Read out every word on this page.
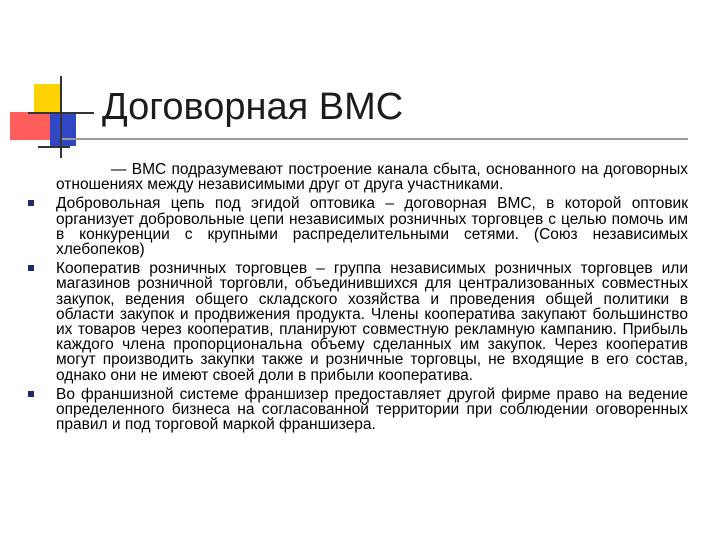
Договорная ВМС
— ВМС подразумевают построение канала сбыта, основанного на договорных отношениях между независимыми друг от друга участниками.
Добровольная цепь под эгидой оптовика – договорная ВМС, в которой оптовик организует добровольные цепи независимых розничных торговцев с целью помочь им в конкуренции с крупными распределительными сетями. (Союз независимых хлебопеков)
Кооператив розничных торговцев – группа независимых розничных торговцев или магазинов розничной торговли, объединившихся для централизованных совместных закупок, ведения общего складского хозяйства и проведения общей политики в области закупок и продвижения продукта. Члены кооператива закупают большинство их товаров через кооператив, планируют совместную рекламную кампанию. Прибыль каждого члена пропорциональна объему сделанных им закупок. Через кооператив могут производить закупки также и розничные торговцы, не входящие в его состав, однако они не имеют своей доли в прибыли кооператива.
Во франшизной системе франшизер предоставляет другой фирме право на ведение определенного бизнеса на согласованной территории при соблюдении оговоренных правил и под торговой маркой франшизера.
